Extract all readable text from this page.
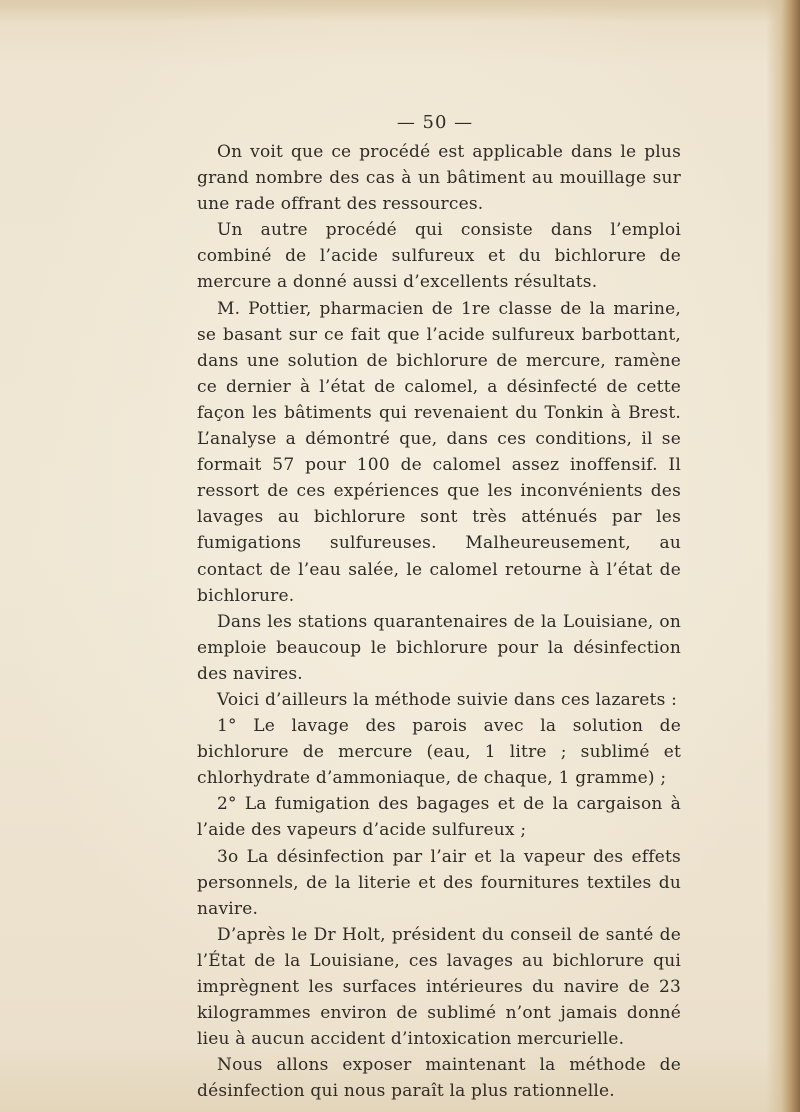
— 50 —

On voit que ce procédé est applicable dans le plus grand nombre des cas à un bâtiment au mouillage sur une rade offrant des ressources.

Un autre procédé qui consiste dans l’emploi combiné de l’acide sulfureux et du bichlorure de mercure a donné aussi d’excellents résultats.

M. Pottier, pharmacien de 1re classe de la marine, se basant sur ce fait que l’acide sulfureux barbottant, dans une solution de bichlorure de mercure, ramène ce dernier à l’état de calomel, a désinfecté de cette façon les bâtiments qui revenaient du Tonkin à Brest. L’analyse a démontré que, dans ces conditions, il se formait 57 pour 100 de calomel assez inoffensif. Il ressort de ces expériences que les inconvénients des lavages au bichlorure sont très atténués par les fumigations sulfureuses. Malheureusement, au contact de l’eau salée, le calomel retourne à l’état de bichlorure.

Dans les stations quarantenaires de la Louisiane, on emploie beaucoup le bichlorure pour la désinfection des navires.

Voici d’ailleurs la méthode suivie dans ces lazarets :

1° Le lavage des parois avec la solution de bichlorure de mercure (eau, 1 litre ; sublimé et chlorhydrate d’ammoniaque, de chaque, 1 gramme) ;

2° La fumigation des bagages et de la cargaison à l’aide des vapeurs d’acide sulfureux ;

3o La désinfection par l’air et la vapeur des effets personnels, de la literie et des fournitures textiles du navire.

D’après le Dr Holt, président du conseil de santé de l’État de la Louisiane, ces lavages au bichlorure qui imprègnent les surfaces intérieures du navire de 23 kilogrammes environ de sublimé n’ont jamais donné lieu à aucun accident d’intoxication mercurielle.

Nous allons exposer maintenant la méthode de désinfection qui nous paraît la plus rationnelle.
